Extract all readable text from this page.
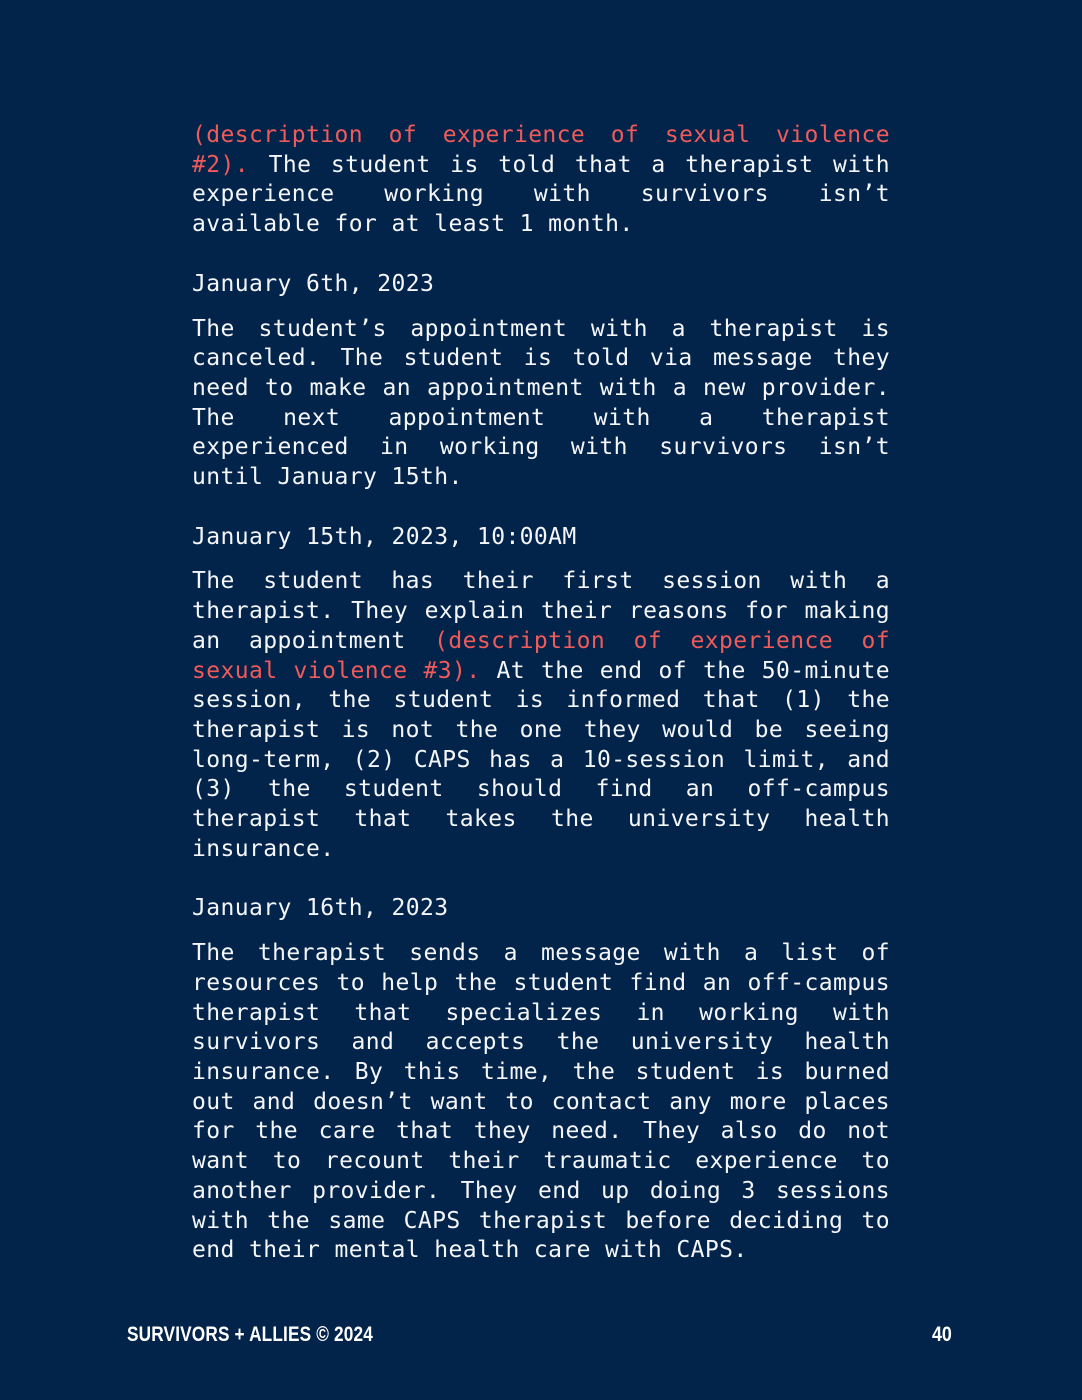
(description of experience of sexual violence #2). The student is told that a therapist with experience working with survivors isn’t available for at least 1 month.

January 6th, 2023

The student’s appointment with a therapist is canceled. The student is told via message they need to make an appointment with a new provider. The next appointment with a therapist experienced in working with survivors isn’t until January 15th.

January 15th, 2023, 10:00AM

The student has their first session with a therapist. They explain their reasons for making an appointment (description of experience of sexual violence #3). At the end of the 50-minute session, the student is informed that (1) the therapist is not the one they would be seeing long-term, (2) CAPS has a 10-session limit, and (3) the student should find an off-campus therapist that takes the university health insurance.

January 16th, 2023

The therapist sends a message with a list of resources to help the student find an off-campus therapist that specializes in working with survivors and accepts the university health insurance. By this time, the student is burned out and doesn’t want to contact any more places for the care that they need. They also do not want to recount their traumatic experience to another provider. They end up doing 3 sessions with the same CAPS therapist before deciding to end their mental health care with CAPS.

SURVIVORS + ALLIES © 2024	40
